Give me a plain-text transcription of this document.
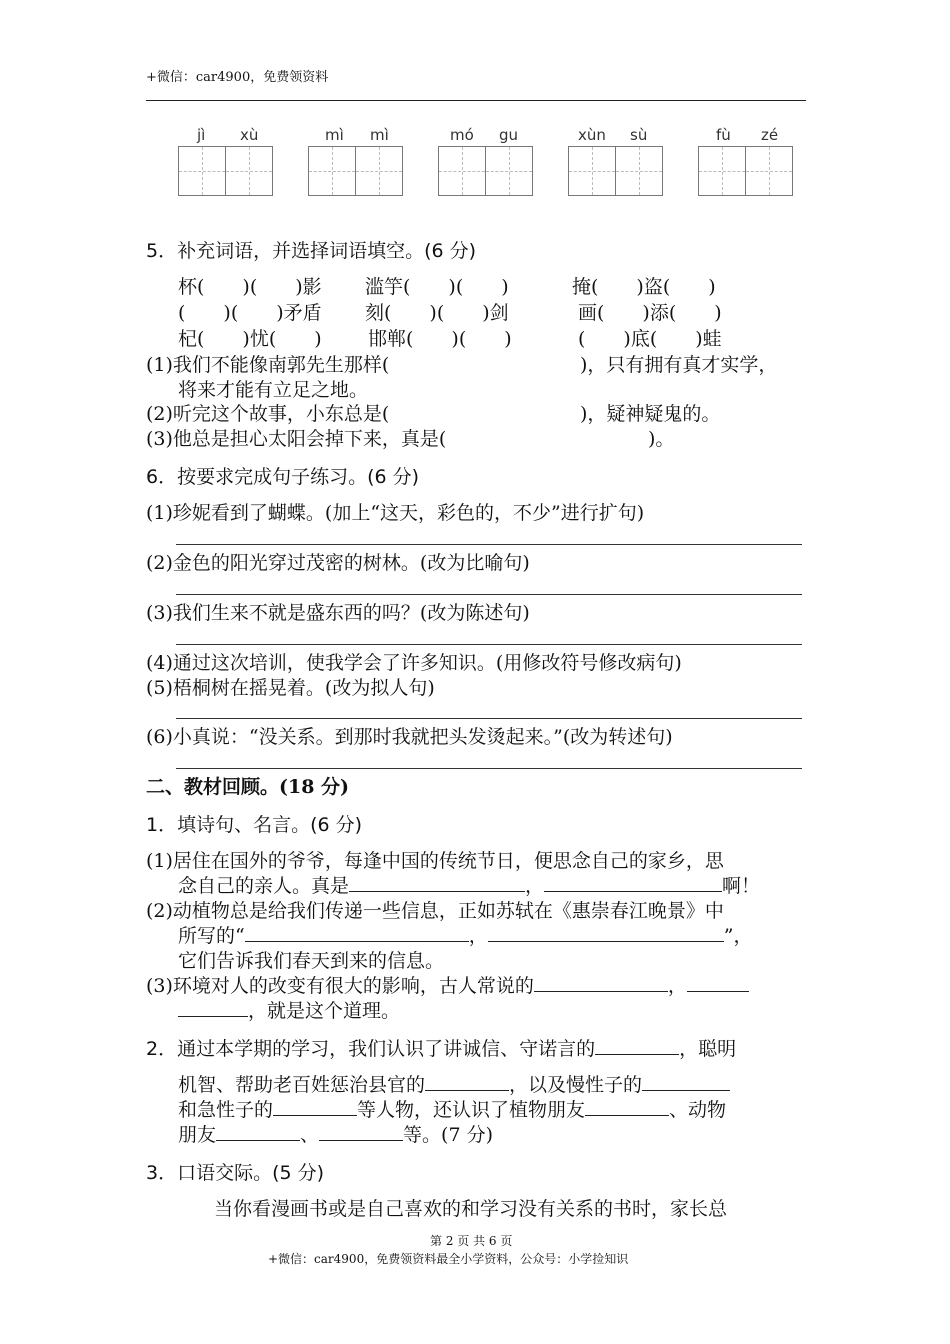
+微信：car4900，免费领资料
jì xù	mì mì	mó gu	xùn sù	fù zé
5．补充词语，并选择词语填空。(6 分)
杯(　　)(　　)影 滥竽(　　)(　　)	掩(　　)盗(　　)
(　　)(　　)矛盾 刻(　　)(　　)剑	画(　　)添(　　)
杞(　　)忧(　　) 邯郸(　　)(　　)	(　　)底(　　)蛙
(1)我们不能像南郭先生那样(	)，只有拥有真才实学，
将来才能有立足之地。
(2)听完这个故事，小东总是(	)，疑神疑鬼的。
(3)他总是担心太阳会掉下来，真是(	)。
6．按要求完成句子练习。(6 分)
(1)珍妮看到了蝴蝶。(加上“这天，彩色的，不少”进行扩句)
(2)金色的阳光穿过茂密的树林。(改为比喻句)
(3)我们生来不就是盛东西的吗？(改为陈述句)
(4)通过这次培训，使我学会了许多知识。(用修改符号修改病句)
(5)梧桐树在摇晃着。(改为拟人句)
(6)小真说：“没关系。到那时我就把头发烫起来。”(改为转述句)
二、教材回顾。(18 分)
1．填诗句、名言。(6 分)
(1)居住在国外的爷爷，每逢中国的传统节日，便思念自己的家乡，思
念自己的亲人。真是	，	啊！
(2)动植物总是给我们传递一些信息，正如苏轼在《惠崇春江晚景》中
所写的“	，	”，
它们告诉我们春天到来的信息。
(3)环境对人的改变有很大的影响，古人常说的	，
，就是这个道理。
2．通过本学期的学习，我们认识了讲诚信、守诺言的	，聪明
机智、帮助老百姓惩治县官的	，以及慢性子的
和急性子的	等人物，还认识了植物朋友	、动物
朋友	、	等。(7 分)
3．口语交际。(5 分)
当你看漫画书或是自己喜欢的和学习没有关系的书时，家长总
第 2 页 共 6 页
+微信：car4900，免费领资料最全小学资料，公众号：小学捡知识
